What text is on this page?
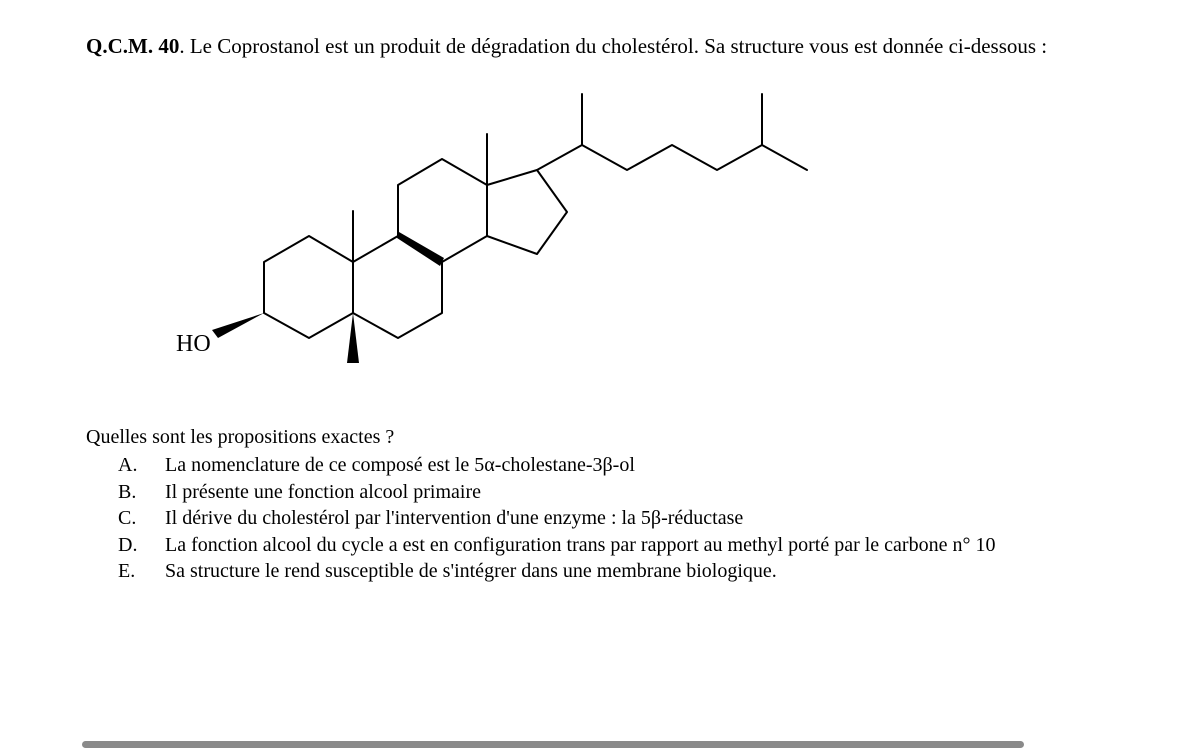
Q.C.M. 40. Le Coprostanol est un produit de dégradation du cholestérol. Sa structure vous est donnée ci-dessous :
HO
Quelles sont les propositions exactes ?
A.	La nomenclature de ce composé est le 5α-cholestane-3β-ol
B.	Il présente une fonction alcool primaire
C.	Il dérive du cholestérol par l'intervention d'une enzyme : la 5β-réductase
D.	La fonction alcool du cycle a est en configuration trans par rapport au methyl porté par le carbone n° 10
E.	Sa structure le rend susceptible de s'intégrer dans une membrane biologique.
